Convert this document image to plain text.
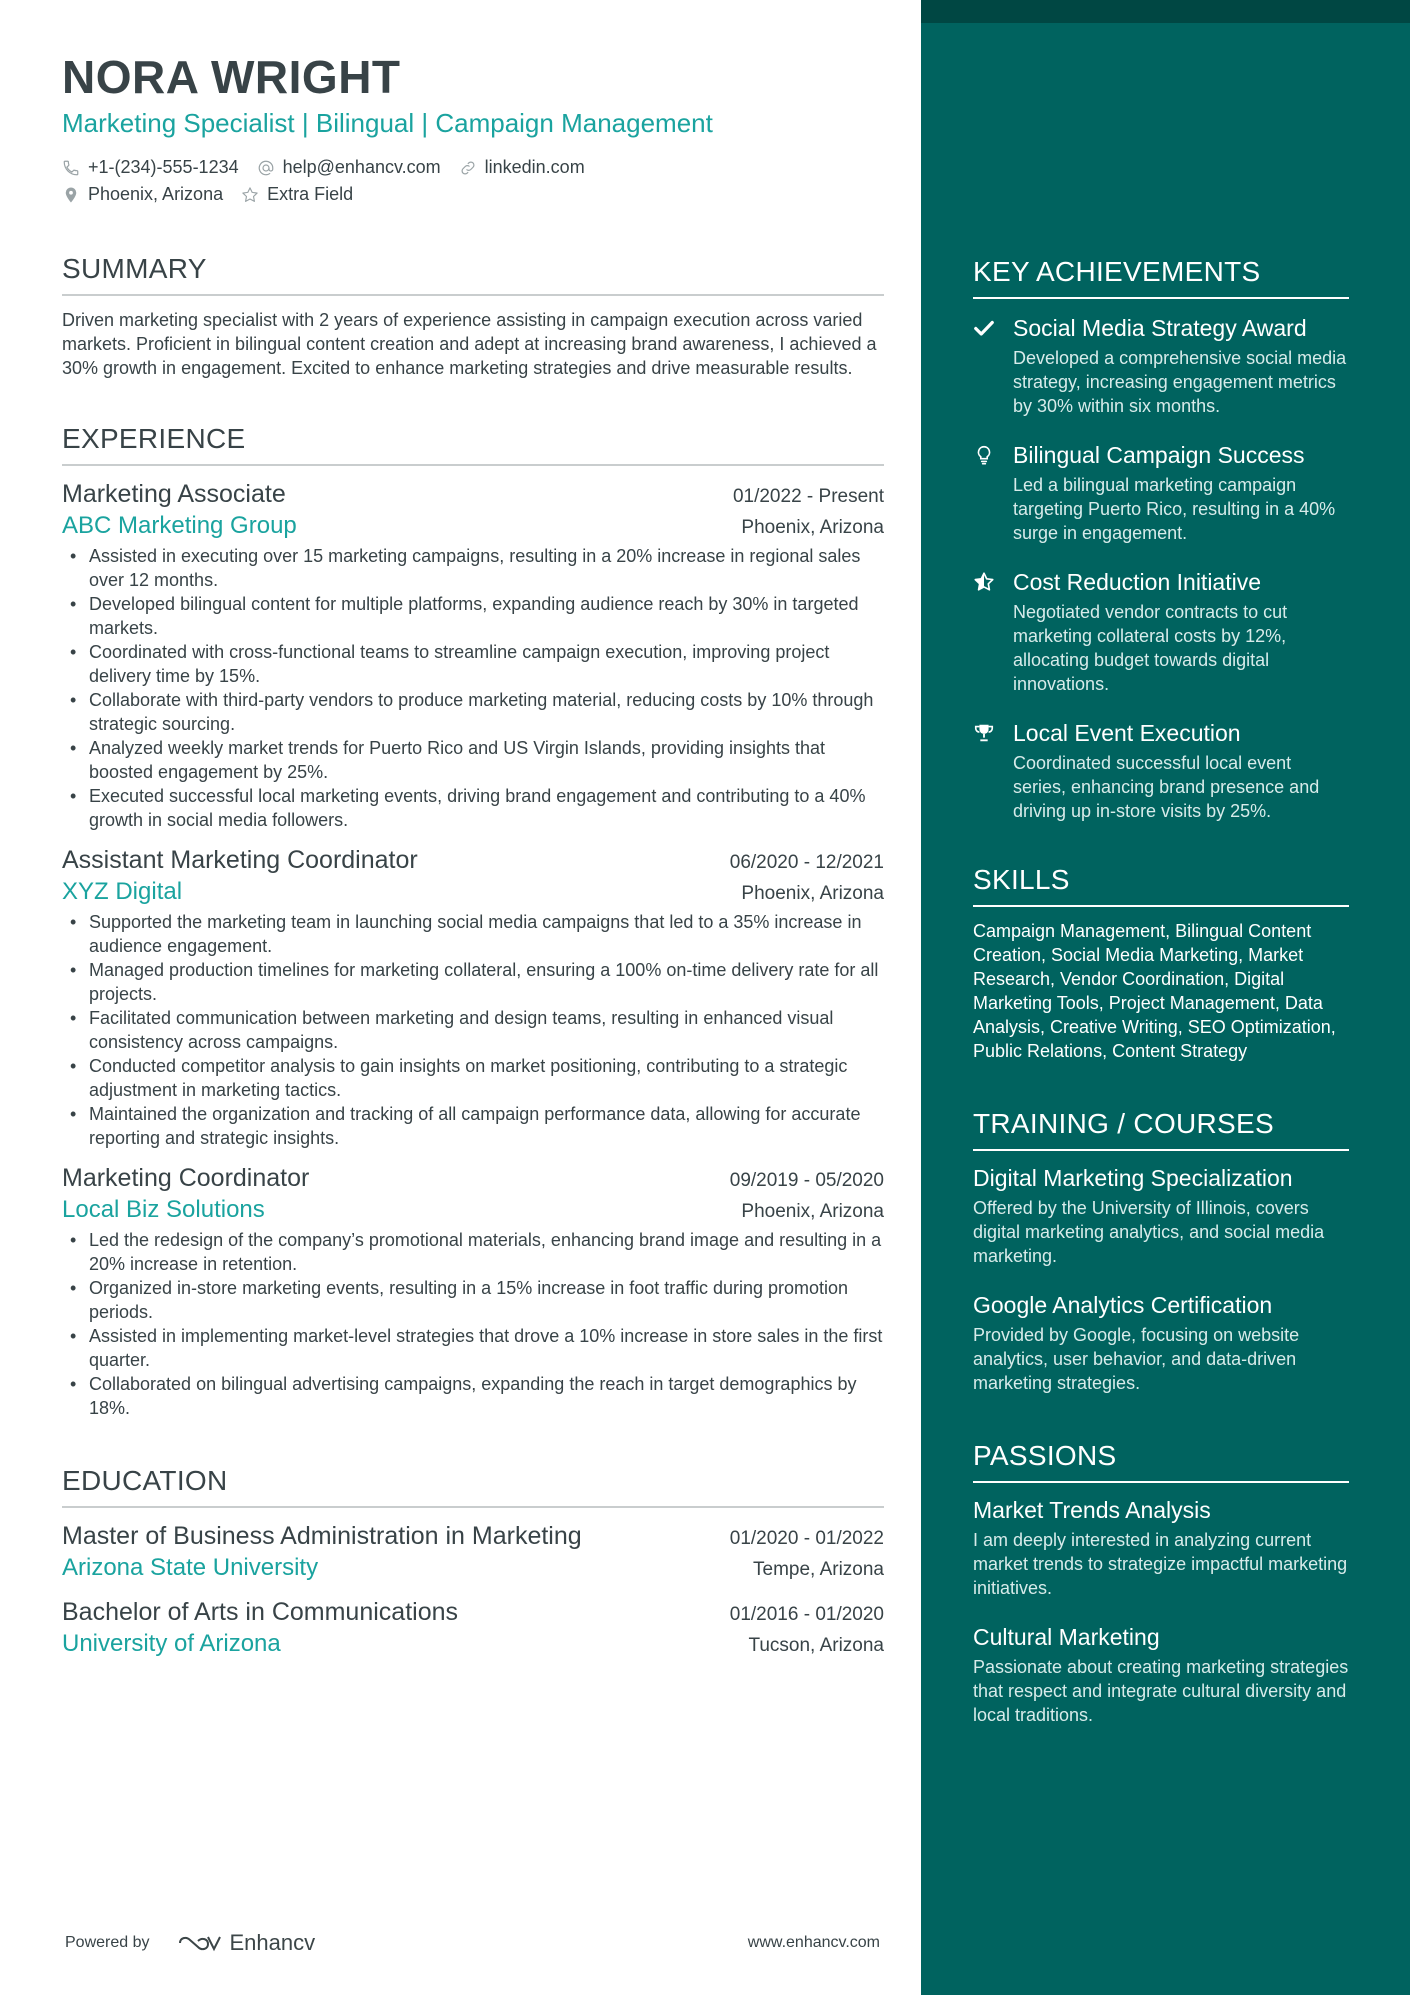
NORA WRIGHT
Marketing Specialist | Bilingual | Campaign Management
+1-(234)-555-1234 help@enhancv.com linkedin.com
Phoenix, Arizona Extra Field
SUMMARY
Driven marketing specialist with 2 years of experience assisting in campaign execution across varied markets. Proficient in bilingual content creation and adept at increasing brand awareness, I achieved a 30% growth in engagement. Excited to enhance marketing strategies and drive measurable results.
EXPERIENCE
Marketing Associate	01/2022 - Present
ABC Marketing Group	Phoenix, Arizona
• Assisted in executing over 15 marketing campaigns, resulting in a 20% increase in regional sales over 12 months.
• Developed bilingual content for multiple platforms, expanding audience reach by 30% in targeted markets.
• Coordinated with cross-functional teams to streamline campaign execution, improving project delivery time by 15%.
• Collaborate with third-party vendors to produce marketing material, reducing costs by 10% through strategic sourcing.
• Analyzed weekly market trends for Puerto Rico and US Virgin Islands, providing insights that boosted engagement by 25%.
• Executed successful local marketing events, driving brand engagement and contributing to a 40% growth in social media followers.
Assistant Marketing Coordinator	06/2020 - 12/2021
XYZ Digital	Phoenix, Arizona
• Supported the marketing team in launching social media campaigns that led to a 35% increase in audience engagement.
• Managed production timelines for marketing collateral, ensuring a 100% on-time delivery rate for all projects.
• Facilitated communication between marketing and design teams, resulting in enhanced visual consistency across campaigns.
• Conducted competitor analysis to gain insights on market positioning, contributing to a strategic adjustment in marketing tactics.
• Maintained the organization and tracking of all campaign performance data, allowing for accurate reporting and strategic insights.
Marketing Coordinator	09/2019 - 05/2020
Local Biz Solutions	Phoenix, Arizona
• Led the redesign of the company’s promotional materials, enhancing brand image and resulting in a 20% increase in retention.
• Organized in-store marketing events, resulting in a 15% increase in foot traffic during promotion periods.
• Assisted in implementing market-level strategies that drove a 10% increase in store sales in the first quarter.
• Collaborated on bilingual advertising campaigns, expanding the reach in target demographics by 18%.
EDUCATION
Master of Business Administration in Marketing	01/2020 - 01/2022
Arizona State University	Tempe, Arizona
Bachelor of Arts in Communications	01/2016 - 01/2020
University of Arizona	Tucson, Arizona
Powered by	Enhancv	www.enhancv.com
KEY ACHIEVEMENTS
Social Media Strategy Award
Developed a comprehensive social media strategy, increasing engagement metrics by 30% within six months.
Bilingual Campaign Success
Led a bilingual marketing campaign targeting Puerto Rico, resulting in a 40% surge in engagement.
Cost Reduction Initiative
Negotiated vendor contracts to cut marketing collateral costs by 12%, allocating budget towards digital innovations.
Local Event Execution
Coordinated successful local event series, enhancing brand presence and driving up in-store visits by 25%.
SKILLS
Campaign Management, Bilingual Content Creation, Social Media Marketing, Market Research, Vendor Coordination, Digital Marketing Tools, Project Management, Data Analysis, Creative Writing, SEO Optimization, Public Relations, Content Strategy
TRAINING / COURSES
Digital Marketing Specialization
Offered by the University of Illinois, covers digital marketing analytics, and social media marketing.
Google Analytics Certification
Provided by Google, focusing on website analytics, user behavior, and data-driven marketing strategies.
PASSIONS
Market Trends Analysis
I am deeply interested in analyzing current market trends to strategize impactful marketing initiatives.
Cultural Marketing
Passionate about creating marketing strategies that respect and integrate cultural diversity and local traditions.
